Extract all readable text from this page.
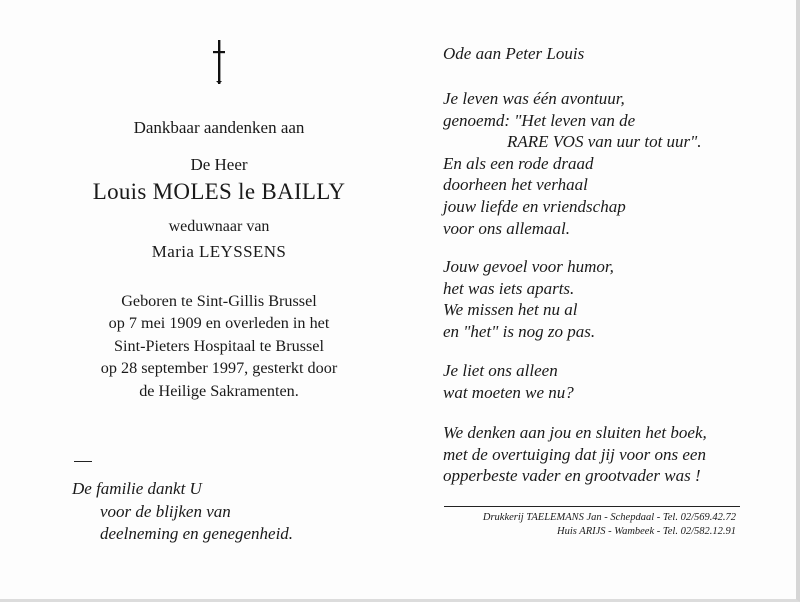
Dankbaar aandenken aan
De Heer
Louis MOLES le BAILLY
weduwnaar van
Maria LEYSSENS
Geboren te Sint-Gillis Brussel
op 7 mei 1909 en overleden in het
Sint-Pieters Hospitaal te Brussel
op 28 september 1997, gesterkt door
de Heilige Sakramenten.
De familie dankt U
voor de blijken van
deelneming en genegenheid.
Ode aan Peter Louis
Je leven was één avontuur,
genoemd: "Het leven van de
RARE VOS van uur tot uur".
En als een rode draad
doorheen het verhaal
jouw liefde en vriendschap
voor ons allemaal.
Jouw gevoel voor humor,
het was iets aparts.
We missen het nu al
en "het" is nog zo pas.
Je liet ons alleen
wat moeten we nu?
We denken aan jou en sluiten het boek,
met de overtuiging dat jij voor ons een
opperbeste vader en grootvader was !
Drukkerij TAELEMANS Jan - Schepdaal - Tel. 02/569.42.72
Huis ARIJS - Wambeek - Tel. 02/582.12.91
